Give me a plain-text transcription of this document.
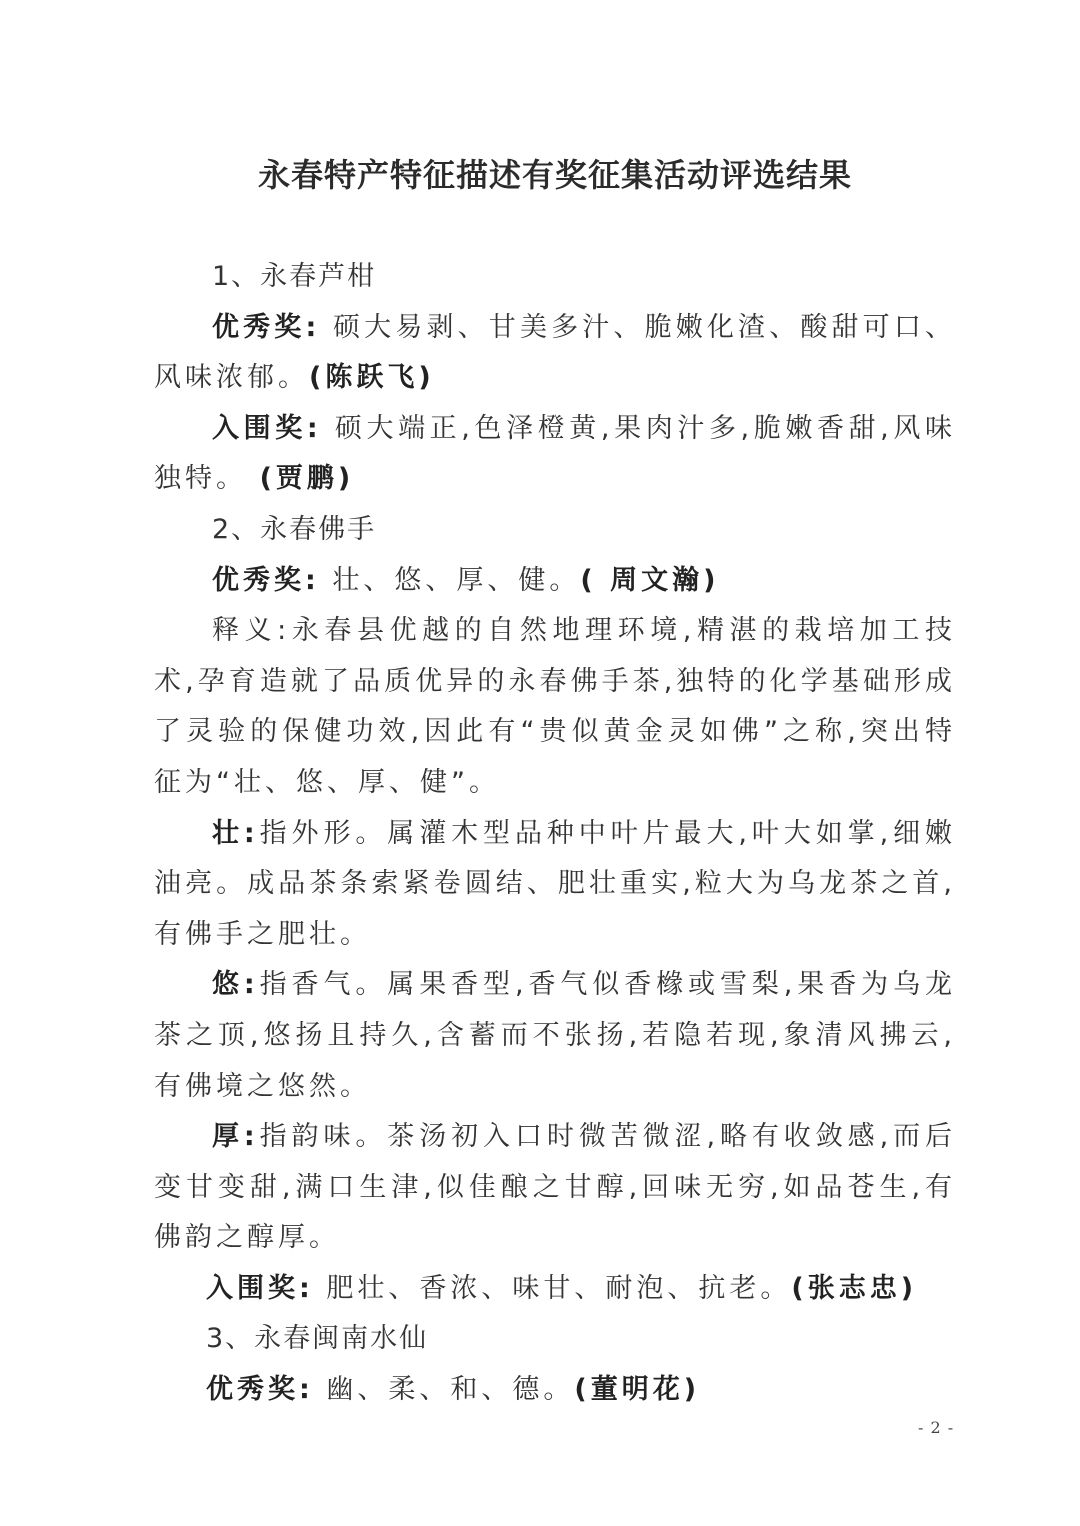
永春特产特征描述有奖征集活动评选结果
1、永春芦柑

优秀奖: 硕大易剥、甘美多汁、脆嫩化渣、酸甜可口、风味浓郁。(陈跃飞)

入围奖: 硕大端正,色泽橙黄,果肉汁多,脆嫩香甜,风味独特。 (贾鹏)

2、永春佛手

优秀奖: 壮、悠、厚、健。( 周文瀚)

释义:永春县优越的自然地理环境,精湛的栽培加工技术,孕育造就了品质优异的永春佛手茶,独特的化学基础形成了灵验的保健功效,因此有“贵似黄金灵如佛”之称,突出特征为“壮、悠、厚、健”。

壮:指外形。属灌木型品种中叶片最大,叶大如掌,细嫩油亮。成品茶条索紧卷圆结、肥壮重实,粒大为乌龙茶之首,有佛手之肥壮。

悠:指香气。属果香型,香气似香橼或雪梨,果香为乌龙茶之顶,悠扬且持久,含蓄而不张扬,若隐若现,象清风拂云,有佛境之悠然。

厚:指韵味。茶汤初入口时微苦微涩,略有收敛感,而后变甘变甜,满口生津,似佳酿之甘醇,回味无穷,如品苍生,有佛韵之醇厚。

入围奖: 肥壮、香浓、味甘、耐泡、抗老。(张志忠)

3、永春闽南水仙

优秀奖: 幽、柔、和、德。(董明花)

- 2 -
